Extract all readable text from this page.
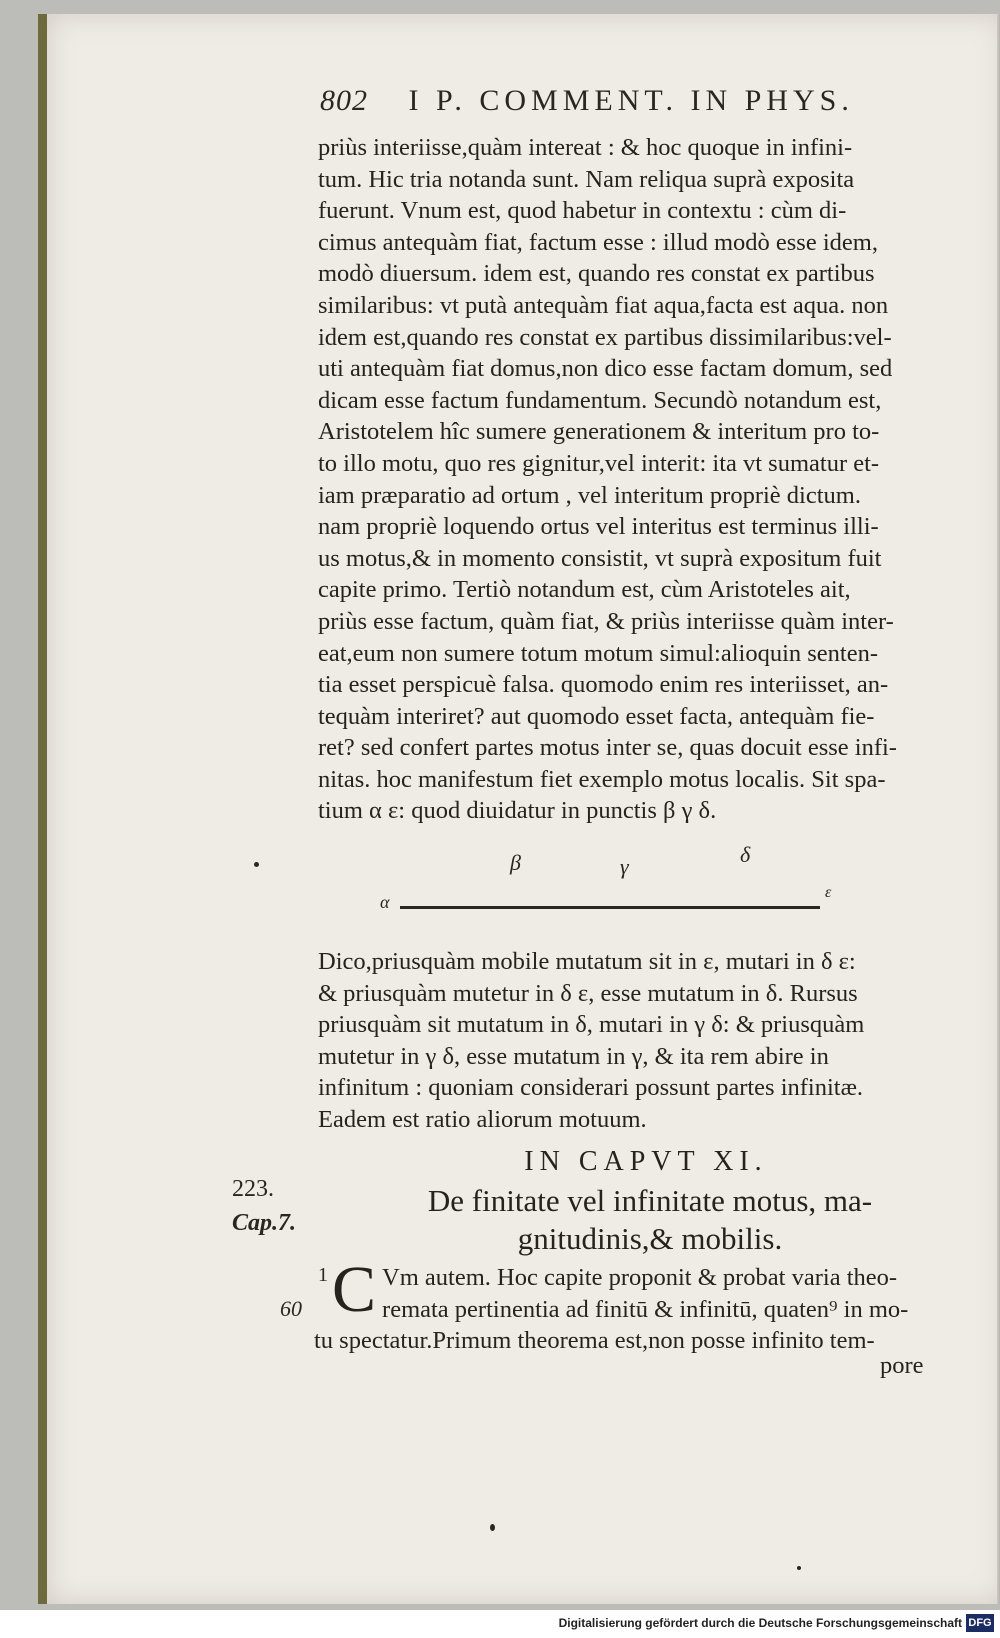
802 I P. COMMENT. IN PHYS.
priùs interiisse,quàm intereat : & hoc quoque in infini-
tum. Hic tria notanda sunt. Nam reliqua suprà exposita
fuerunt. Vnum est, quod habetur in contextu : cùm di-
cimus antequàm fiat, factum esse : illud modò esse idem,
modò diuersum. idem est, quando res constat ex partibus
similaribus: vt putà antequàm fiat aqua,facta est aqua. non
idem est,quando res constat ex partibus dissimilaribus:vel-
uti antequàm fiat domus,non dico esse factam domum, sed
dicam esse factum fundamentum. Secundò notandum est,
Aristotelem hîc sumere generationem & interitum pro to-
to illo motu, quo res gignitur,vel interit: ita vt sumatur et-
iam præparatio ad ortum , vel interitum propriè dictum.
nam propriè loquendo ortus vel interitus est terminus illi-
us motus,& in momento consistit, vt suprà expositum fuit
capite primo. Tertiò notandum est, cùm Aristoteles ait,
priùs esse factum, quàm fiat, & priùs interiisse quàm inter-
eat,eum non sumere totum motum simul:alioquin senten-
tia esset perspicuè falsa. quomodo enim res interiisset, an-
tequàm interiret? aut quomodo esset facta, antequàm fie-
ret? sed confert partes motus inter se, quas docuit esse infi-
nitas. hoc manifestum fiet exemplo motus localis. Sit spa-
tium α ε: quod diuidatur in punctis β γ δ.
β	γ	δ
α	ε
Dico,priusquàm mobile mutatum sit in ε, mutari in δ ε:
& priusquàm mutetur in δ ε, esse mutatum in δ. Rursus
priusquàm sit mutatum in δ, mutari in γ δ: & priusquàm
mutetur in γ δ, esse mutatum in γ, & ita rem abire in
infinitum : quoniam considerari possunt partes infinitæ.
Eadem est ratio aliorum motuum.
IN CAPVT XI.
De finitate vel infinitate motus, ma-
gnitudinis,& mobilis.
223.
Cap.7.
1
60 C Vm autem. Hoc capite proponit & probat varia theo-
remata pertinentia ad finitū & infinitū, quaten⁹ in mo-
tu spectatur.Primum theorema est,non posse infinito tem-
pore
Digitalisierung gefördert durch die Deutsche Forschungsgemeinschaft DFG
